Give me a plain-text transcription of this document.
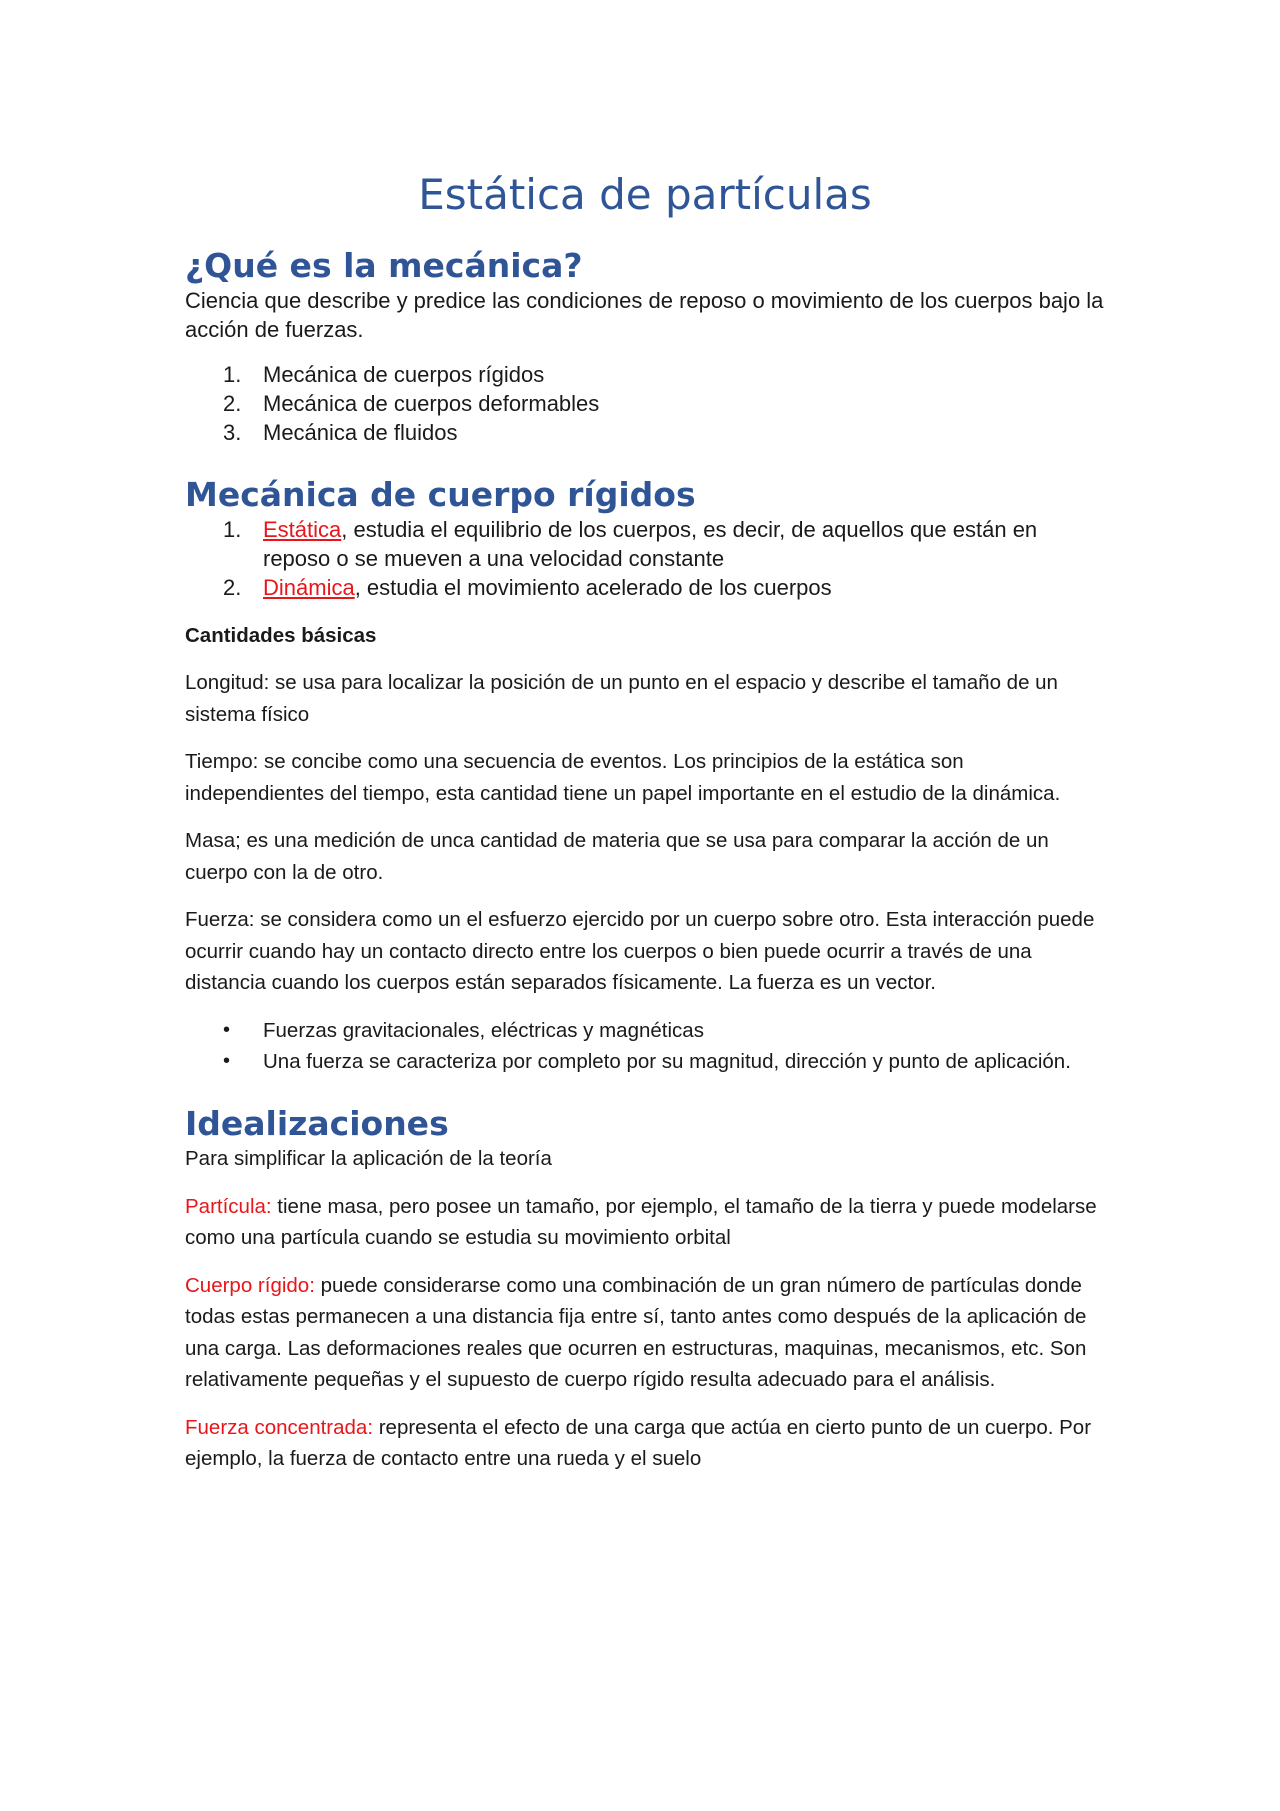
Estática de partículas
¿Qué es la mecánica?

Ciencia que describe y predice las condiciones de reposo o movimiento de los cuerpos bajo la acción de fuerzas.

1. Mecánica de cuerpos rígidos
2. Mecánica de cuerpos deformables
3. Mecánica de fluidos
Mecánica de cuerpo rígidos
1. Estática, estudia el equilibrio de los cuerpos, es decir, de aquellos que están en reposo o se mueven a una velocidad constante
2. Dinámica, estudia el movimiento acelerado de los cuerpos

Cantidades básicas

Longitud: se usa para localizar la posición de un punto en el espacio y describe el tamaño de un sistema físico

Tiempo: se concibe como una secuencia de eventos. Los principios de la estática son independientes del tiempo, esta cantidad tiene un papel importante en el estudio de la dinámica.

Masa; es una medición de unca cantidad de materia que se usa para comparar la acción de un cuerpo con la de otro.

Fuerza: se considera como un el esfuerzo ejercido por un cuerpo sobre otro. Esta interacción puede ocurrir cuando hay un contacto directo entre los cuerpos o bien puede ocurrir a través de una distancia cuando los cuerpos están separados físicamente. La fuerza es un vector.

• Fuerzas gravitacionales, eléctricas y magnéticas
• Una fuerza se caracteriza por completo por su magnitud, dirección y punto de aplicación.
Idealizaciones

Para simplificar la aplicación de la teoría

Partícula: tiene masa, pero posee un tamaño, por ejemplo, el tamaño de la tierra y puede modelarse como una partícula cuando se estudia su movimiento orbital

Cuerpo rígido: puede considerarse como una combinación de un gran número de partículas donde todas estas permanecen a una distancia fija entre sí, tanto antes como después de la aplicación de una carga. Las deformaciones reales que ocurren en estructuras, maquinas, mecanismos, etc. Son relativamente pequeñas y el supuesto de cuerpo rígido resulta adecuado para el análisis.

Fuerza concentrada: representa el efecto de una carga que actúa en cierto punto de un cuerpo. Por ejemplo, la fuerza de contacto entre una rueda y el suelo
